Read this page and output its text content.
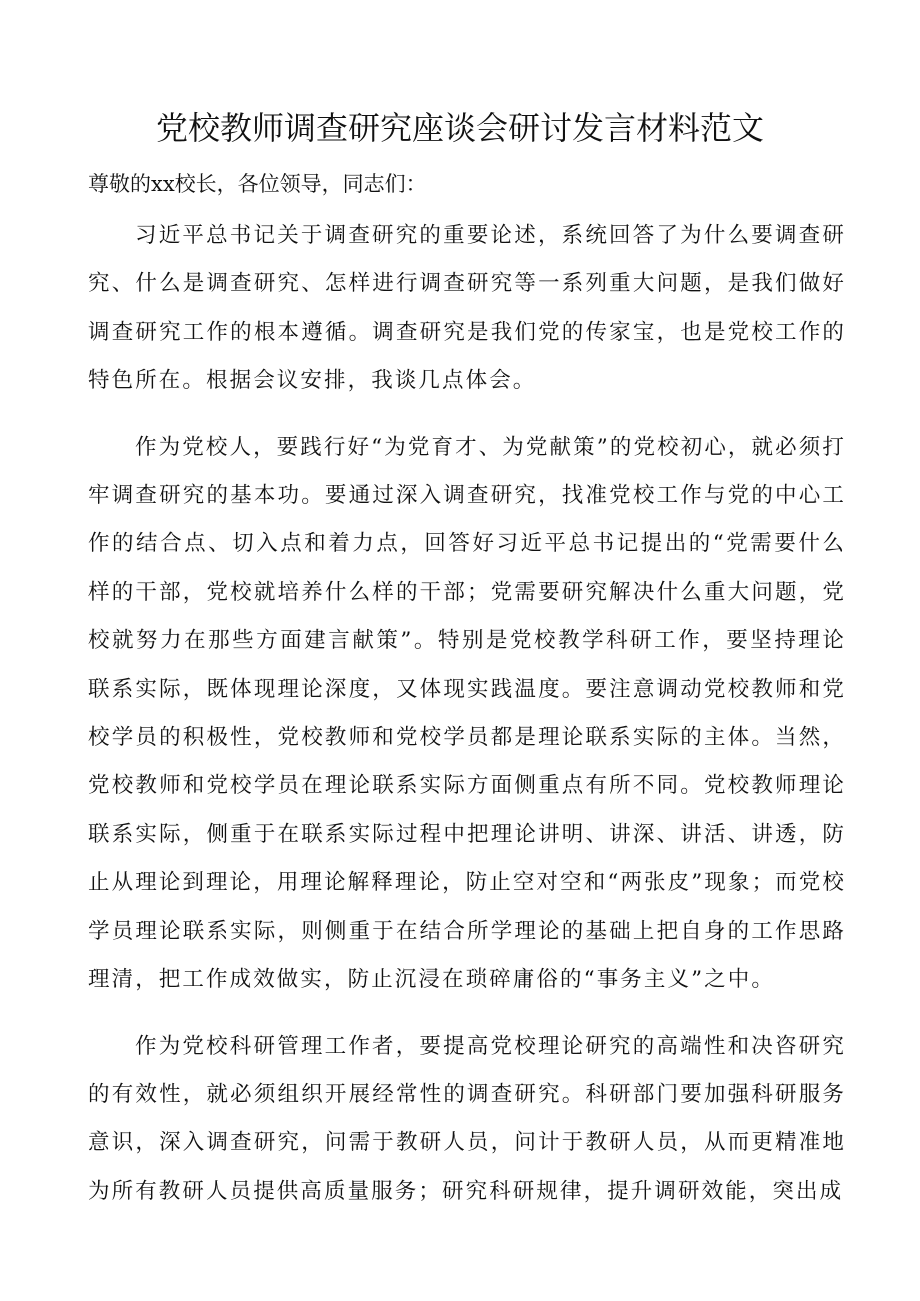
党校教师调查研究座谈会研讨发言材料范文

尊敬的xx校长，各位领导，同志们：

习近平总书记关于调查研究的重要论述，系统回答了为什么要调查研究、什么是调查研究、怎样进行调查研究等一系列重大问题，是我们做好调查研究工作的根本遵循。调查研究是我们党的传家宝，也是党校工作的特色所在。根据会议安排，我谈几点体会。

作为党校人，要践行好“为党育才、为党献策”的党校初心，就必须打牢调查研究的基本功。要通过深入调查研究，找准党校工作与党的中心工作的结合点、切入点和着力点，回答好习近平总书记提出的“党需要什么样的干部，党校就培养什么样的干部；党需要研究解决什么重大问题，党校就努力在那些方面建言献策”。特别是党校教学科研工作，要坚持理论联系实际，既体现理论深度，又体现实践温度。要注意调动党校教师和党校学员的积极性，党校教师和党校学员都是理论联系实际的主体。当然，党校教师和党校学员在理论联系实际方面侧重点有所不同。党校教师理论联系实际，侧重于在联系实际过程中把理论讲明、讲深、讲活、讲透，防止从理论到理论，用理论解释理论，防止空对空和“两张皮”现象；而党校学员理论联系实际，则侧重于在结合所学理论的基础上把自身的工作思路理清，把工作成效做实，防止沉浸在琐碎庸俗的“事务主义”之中。

作为党校科研管理工作者，要提高党校理论研究的高端性和决咨研究的有效性，就必须组织开展经常性的调查研究。科研部门要加强科研服务意识，深入调查研究，问需于教研人员，问计于教研人员，从而更精准地为所有教研人员提供高质量服务；研究科研规律，提升调研效能，突出成
